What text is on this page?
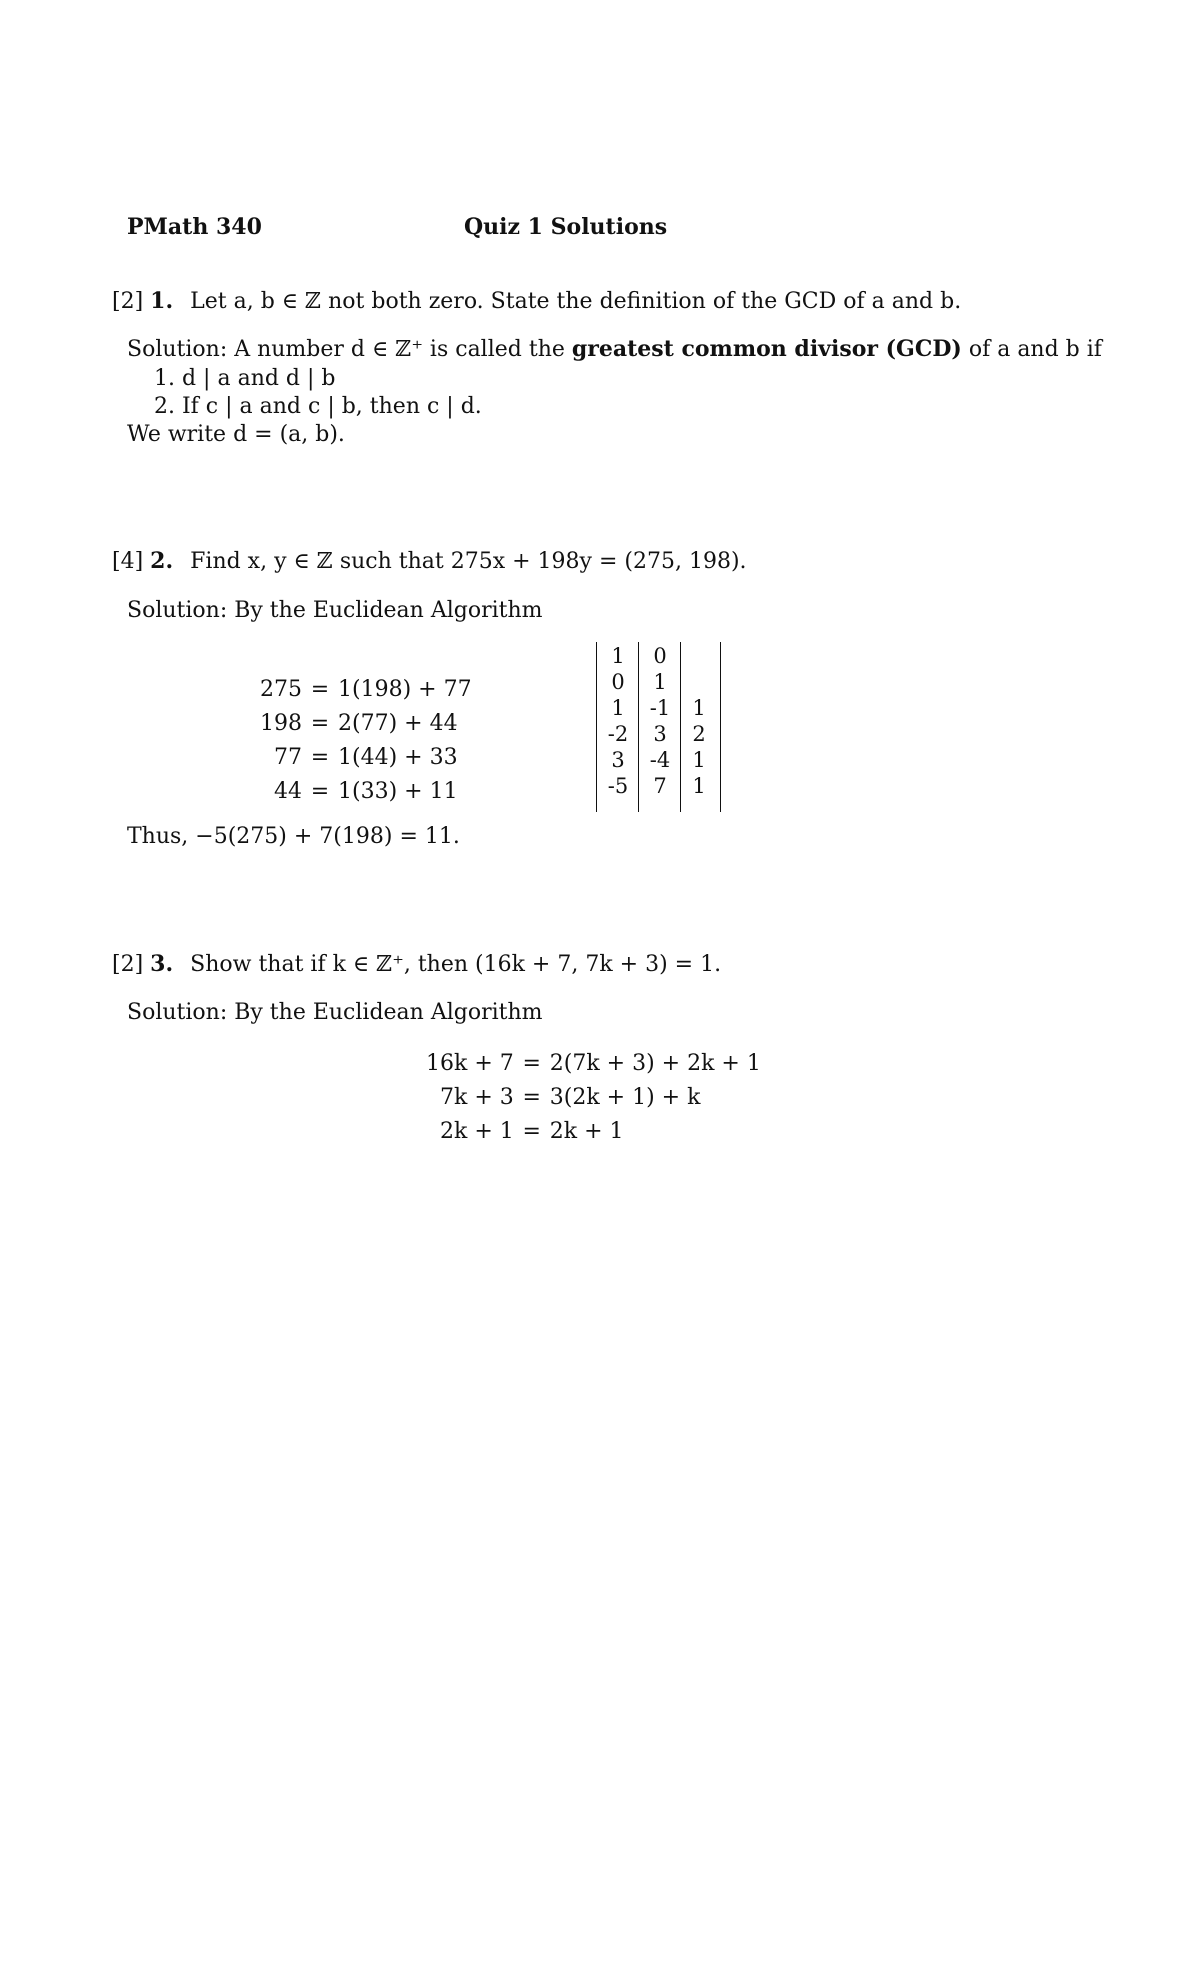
PMath 340	Quiz 1 Solutions
[2] 1. Let a, b ∈ ℤ not both zero. State the definition of the GCD of a and b.
Solution: A number d ∈ ℤ⁺ is called the greatest common divisor (GCD) of a and b if
1. d | a and d | b
2. If c | a and c | b, then c | d.
We write d = (a, b).
[4] 2. Find x, y ∈ ℤ such that 275x + 198y = (275, 198).
Solution: By the Euclidean Algorithm
275	=	1(198) + 77
198	=	2(77) + 44
77	=	1(44) + 33
44	=	1(33) + 11
1	0	
0	1	
1	-1	1
-2	3	2
3	-4	1
-5	7	1
Thus, −5(275) + 7(198) = 11.
[2] 3. Show that if k ∈ ℤ⁺, then (16k + 7, 7k + 3) = 1.
Solution: By the Euclidean Algorithm
16k + 7	=	2(7k + 3) + 2k + 1
7k + 3	=	3(2k + 1) + k
2k + 1	=	2k + 1
